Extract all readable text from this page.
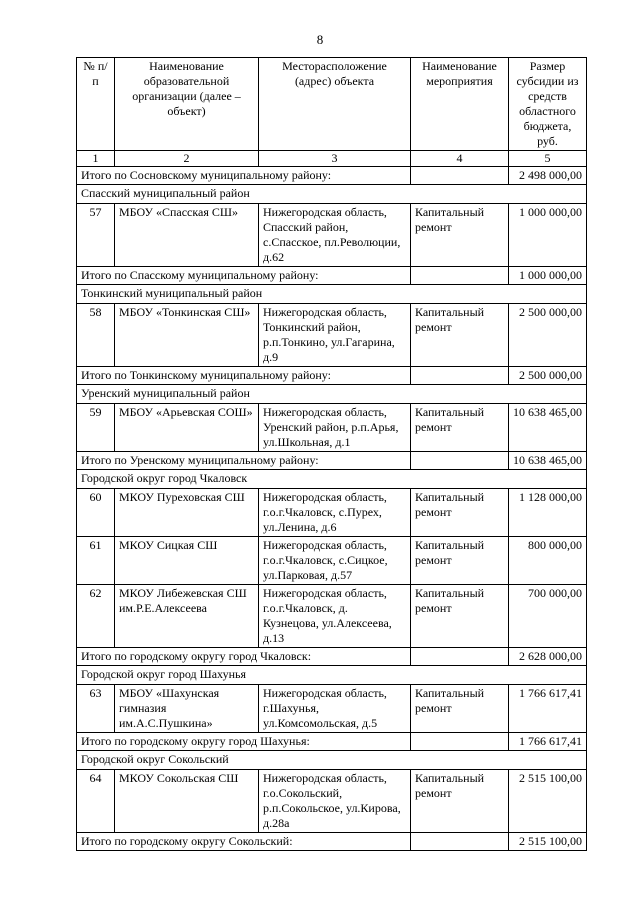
8
№ п/п	Наименование образовательной организации (далее – объект)	Месторасположение (адрес) объекта	Наименование мероприятия	Размер субсидии из средств областного бюджета, руб.
1	2	3	4	5
Итого по Сосновскому муниципальному району:				2 498 000,00
Спасский муниципальный район				
57	МБОУ «Спасская СШ»	Нижегородская область, Спасский район, с.Спасское, пл.Революции, д.62	Капитальный ремонт	1 000 000,00
Итого по Спасскому муниципальному району:				1 000 000,00
Тонкинский муниципальный район				
58	МБОУ «Тонкинская СШ»	Нижегородская область, Тонкинский район, р.п.Тонкино, ул.Гагарина, д.9	Капитальный ремонт	2 500 000,00
Итого по Тонкинскому муниципальному району:				2 500 000,00
Уренский муниципальный район				
59	МБОУ «Арьевская СОШ»	Нижегородская область, Уренский район, р.п.Арья, ул.Школьная, д.1	Капитальный ремонт	10 638 465,00
Итого по Уренскому муниципальному району:				10 638 465,00
Городской округ город Чкаловск				
60	МКОУ Пуреховская СШ	Нижегородская область, г.о.г.Чкаловск, с.Пурех, ул.Ленина, д.6	Капитальный ремонт	1 128 000,00
61	МКОУ Сицкая СШ	Нижегородская область, г.о.г.Чкаловск, с.Сицкое, ул.Парковая, д.57	Капитальный ремонт	800 000,00
62	МКОУ Либежевская СШ им.Р.Е.Алексеева	Нижегородская область, г.о.г.Чкаловск, д. Кузнецова, ул.Алексеева, д.13	Капитальный ремонт	700 000,00
Итого по городскому округу город Чкаловск:				2 628 000,00
Городской округ город Шахунья				
63	МБОУ «Шахунская гимназия им.А.С.Пушкина»	Нижегородская область, г.Шахунья, ул.Комсомольская, д.5	Капитальный ремонт	1 766 617,41
Итого по городскому округу город Шахунья:				1 766 617,41
Городской округ Сокольский				
64	МКОУ Сокольская СШ	Нижегородская область, г.о.Сокольский, р.п.Сокольское, ул.Кирова, д.28а	Капитальный ремонт	2 515 100,00
Итого по городскому округу Сокольский:				2 515 100,00
